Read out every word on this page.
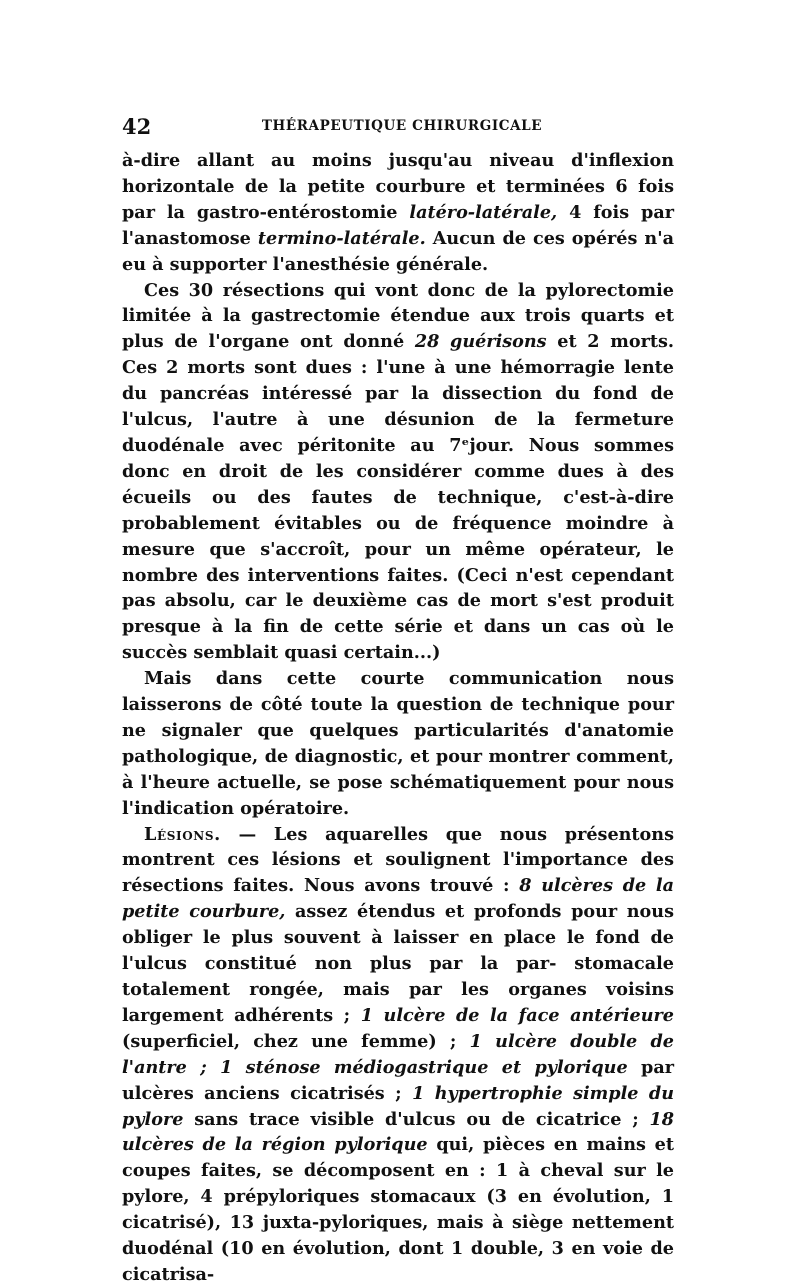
42	THÉRAPEUTIQUE CHIRURGICALE

à-dire allant au moins jusqu'au niveau d'inflexion horizontale de la petite courbure et terminées 6 fois par la gastro-entérostomie latéro-latérale, 4 fois par l'anastomose termino-latérale. Aucun de ces opérés n'a eu à supporter l'anesthésie générale.

Ces 30 résections qui vont donc de la pylorectomie limitée à la gastrectomie étendue aux trois quarts et plus de l'organe ont donné 28 guérisons et 2 morts. Ces 2 morts sont dues : l'une à une hémorragie lente du pancréas intéressé par la dissection du fond de l'ulcus, l'autre à une désunion de la fermeture duodénale avec péritonite au 7ᵉjour. Nous sommes donc en droit de les considérer comme dues à des écueils ou des fautes de technique, c'est-à-dire probablement évitables ou de fréquence moindre à mesure que s'accroît, pour un même opérateur, le nombre des interventions faites. (Ceci n'est cependant pas absolu, car le deuxième cas de mort s'est produit presque à la fin de cette série et dans un cas où le succès semblait quasi certain...)

Mais dans cette courte communication nous laisserons de côté toute la question de technique pour ne signaler que quelques particularités d'anatomie pathologique, de diagnostic, et pour montrer comment, à l'heure actuelle, se pose schématiquement pour nous l'indication opératoire.

Lésions. — Les aquarelles que nous présentons montrent ces lésions et soulignent l'importance des résections faites. Nous avons trouvé : 8 ulcères de la petite courbure, assez étendus et profonds pour nous obliger le plus souvent à laisser en place le fond de l'ulcus constitué non plus par la par- stomacale totalement rongée, mais par les organes voisins largement adhérents ; 1 ulcère de la face antérieure (superficiel, chez une femme) ; 1 ulcère double de l'antre ; 1 sténose médiogastrique et pylorique par ulcères anciens cicatrisés ; 1 hypertrophie simple du pylore sans trace visible d'ulcus ou de cicatrice ; 18 ulcères de la région pylorique qui, pièces en mains et coupes faites, se décomposent en : 1 à cheval sur le pylore, 4 prépyloriques stomacaux (3 en évolution, 1 cicatrisé), 13 juxta-pyloriques, mais à siège nettement duodénal (10 en évolution, dont 1 double, 3 en voie de cicatrisa-
